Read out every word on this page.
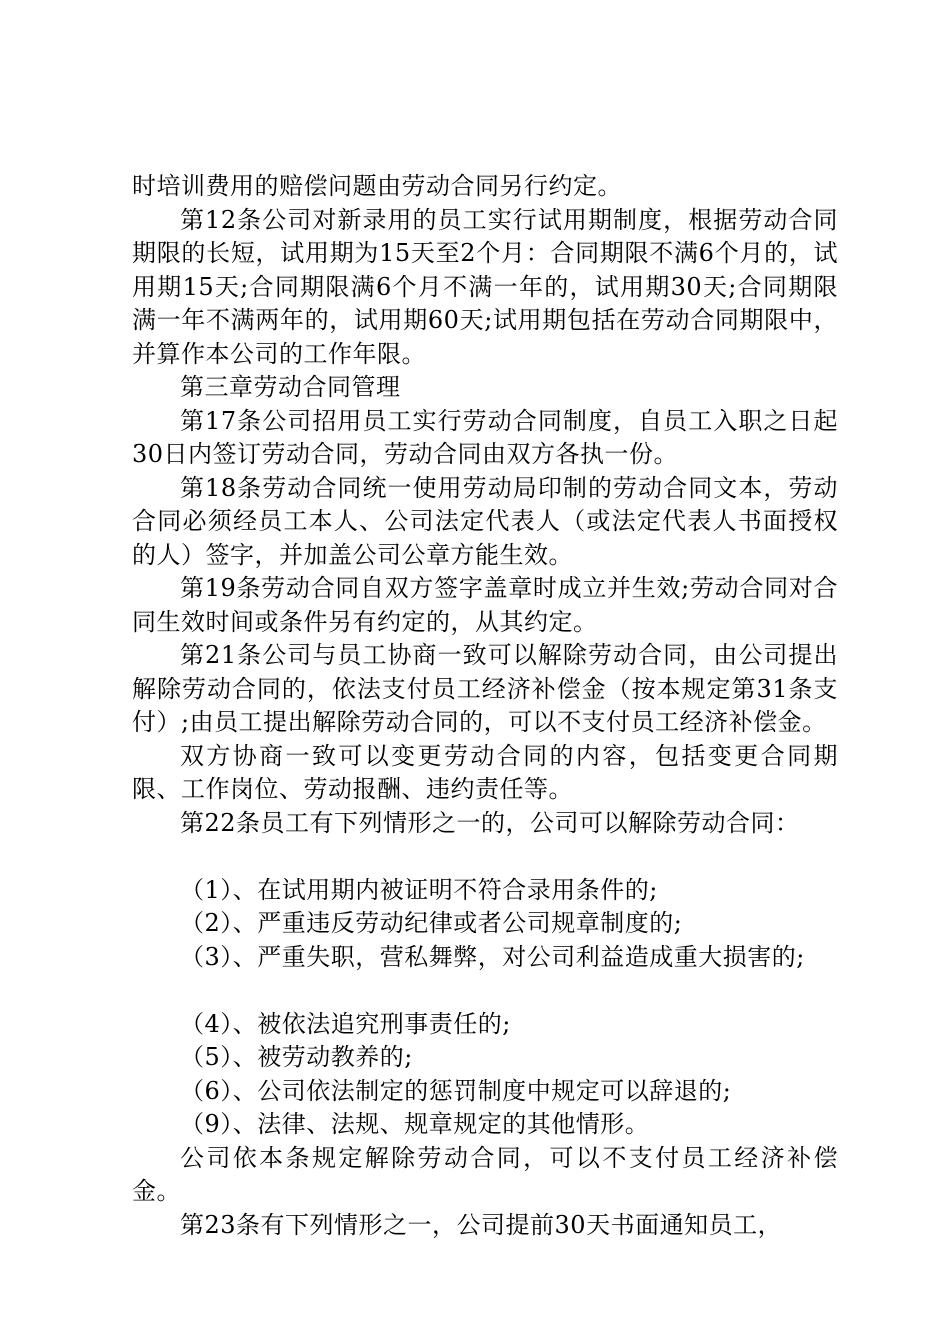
时培训费用的赔偿问题由劳动合同另行约定。

第12条公司对新录用的员工实行试用期制度，根据劳动合同期限的长短，试用期为15天至2个月：合同期限不满6个月的，试用期15天;合同期限满6个月不满一年的，试用期30天;合同期限满一年不满两年的，试用期60天;试用期包括在劳动合同期限中，并算作本公司的工作年限。

第三章劳动合同管理

第17条公司招用员工实行劳动合同制度，自员工入职之日起30日内签订劳动合同，劳动合同由双方各执一份。

第18条劳动合同统一使用劳动局印制的劳动合同文本，劳动合同必须经员工本人、公司法定代表人（或法定代表人书面授权的人）签字，并加盖公司公章方能生效。

第19条劳动合同自双方签字盖章时成立并生效;劳动合同对合同生效时间或条件另有约定的，从其约定。

第21条公司与员工协商一致可以解除劳动合同，由公司提出解除劳动合同的，依法支付员工经济补偿金（按本规定第31条支付）;由员工提出解除劳动合同的，可以不支付员工经济补偿金。

双方协商一致可以变更劳动合同的内容，包括变更合同期限、工作岗位、劳动报酬、违约责任等。

第22条员工有下列情形之一的，公司可以解除劳动合同：

（1）、在试用期内被证明不符合录用条件的;

（2）、严重违反劳动纪律或者公司规章制度的;

（3）、严重失职，营私舞弊，对公司利益造成重大损害的;

（4）、被依法追究刑事责任的;

（5）、被劳动教养的;

（6）、公司依法制定的惩罚制度中规定可以辞退的;

（9）、法律、法规、规章规定的其他情形。

公司依本条规定解除劳动合同，可以不支付员工经济补偿金。

第23条有下列情形之一，公司提前30天书面通知员工，
